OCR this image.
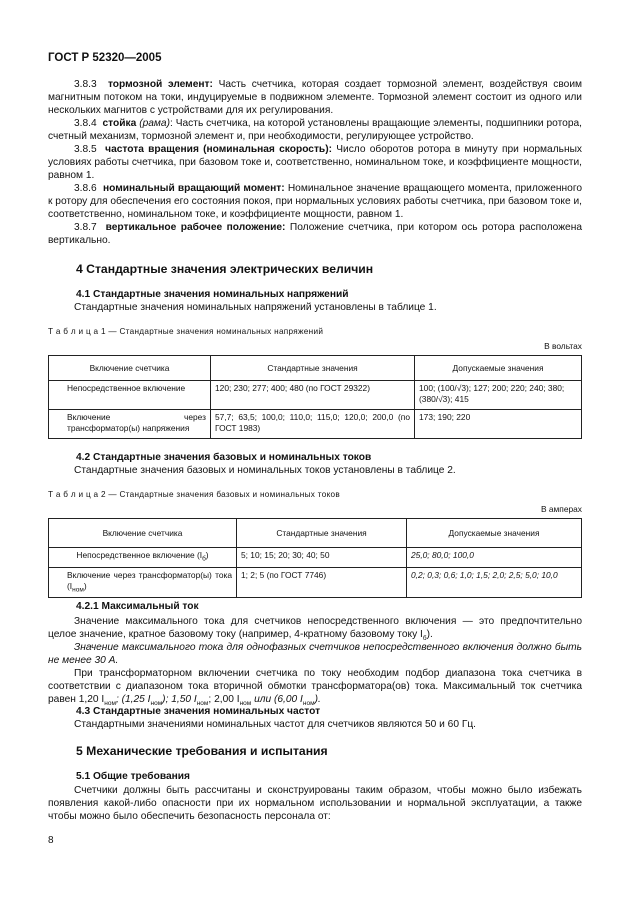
ГОСТ Р 52320—2005
3.8.3 тормозной элемент: Часть счетчика, которая создает тормозной элемент, воздействуя своим магнитным потоком на токи, индуцируемые в подвижном элементе. Тормозной элемент состоит из одного или нескольких магнитов с устройствами для их регулирования.
3.8.4 стойка (рама): Часть счетчика, на которой установлены вращающие элементы, подшипники ротора, счетный механизм, тормозной элемент и, при необходимости, регулирующее устройство.
3.8.5 частота вращения (номинальная скорость): Число оборотов ротора в минуту при нормальных условиях работы счетчика, при базовом токе и, соответственно, номинальном токе, и коэффициенте мощности, равном 1.
3.8.6 номинальный вращающий момент: Номинальное значение вращающего момента, приложенного к ротору для обеспечения его состояния покоя, при нормальных условиях работы счетчика, при базовом токе и, соответственно, номинальном токе, и коэффициенте мощности, равном 1.
3.8.7 вертикальное рабочее положение: Положение счетчика, при котором ось ротора расположена вертикально.
4 Стандартные значения электрических величин
4.1 Стандартные значения номинальных напряжений
Стандартные значения номинальных напряжений установлены в таблице 1.
Т а б л и ц а 1 — Стандартные значения номинальных напряжений
В вольтах
Включение счетчика	Стандартные значения	Допускаемые значения
Непосредственное включение	120; 230; 277; 400; 480 (по ГОСТ 29322)	100; (100/√3); 127; 200; 220; 240; 380; (380/√3); 415
Включение через трансформатор(ы) напряжения	57,7; 63,5; 100,0; 110,0; 115,0; 120,0; 200,0 (по ГОСТ 1983)	173; 190; 220
4.2 Стандартные значения базовых и номинальных токов
Стандартные значения базовых и номинальных токов установлены в таблице 2.
Т а б л и ц а 2 — Стандартные значения базовых и номинальных токов
В амперах
Включение счетчика	Стандартные значения	Допускаемые значения
Непосредственное включение $(I_б)$	5; 10; 15; 20; 30; 40; 50	25,0; 80,0; 100,0
Включение через трансформатор(ы) тока $(I_{ном})$	1; 2; 5 (по ГОСТ 7746)	0,2; 0,3; 0,6; 1,0; 1,5; 2,0; 2,5; 5,0; 10,0
4.2.1 Максимальный ток
Значение максимального тока для счетчиков непосредственного включения — это предпочтительно целое значение, кратное базовому току (например, 4-кратному базовому току $I_б$).
Значение максимального тока для однофазных счетчиков непосредственного включения должно быть не менее 30 А.
При трансформаторном включении счетчика по току необходим подбор диапазона тока счетчика в соответствии с диапазоном тока вторичной обмотки трансформатора(ов) тока. Максимальный ток счетчика равен 1,20 $I_{ном}$; (1,25 $I_{ном}$); 1,50 $I_{ном}$; 2,00 $I_{ном}$ или (6,00 $I_{ном}$).
4.3 Стандартные значения номинальных частот
Стандартными значениями номинальных частот для счетчиков являются 50 и 60 Гц.
5 Механические требования и испытания
5.1 Общие требования
Счетчики должны быть рассчитаны и сконструированы таким образом, чтобы можно было избежать появления какой-либо опасности при их нормальном использовании и нормальной эксплуатации, а также чтобы можно было обеспечить безопасность персонала от:
8
